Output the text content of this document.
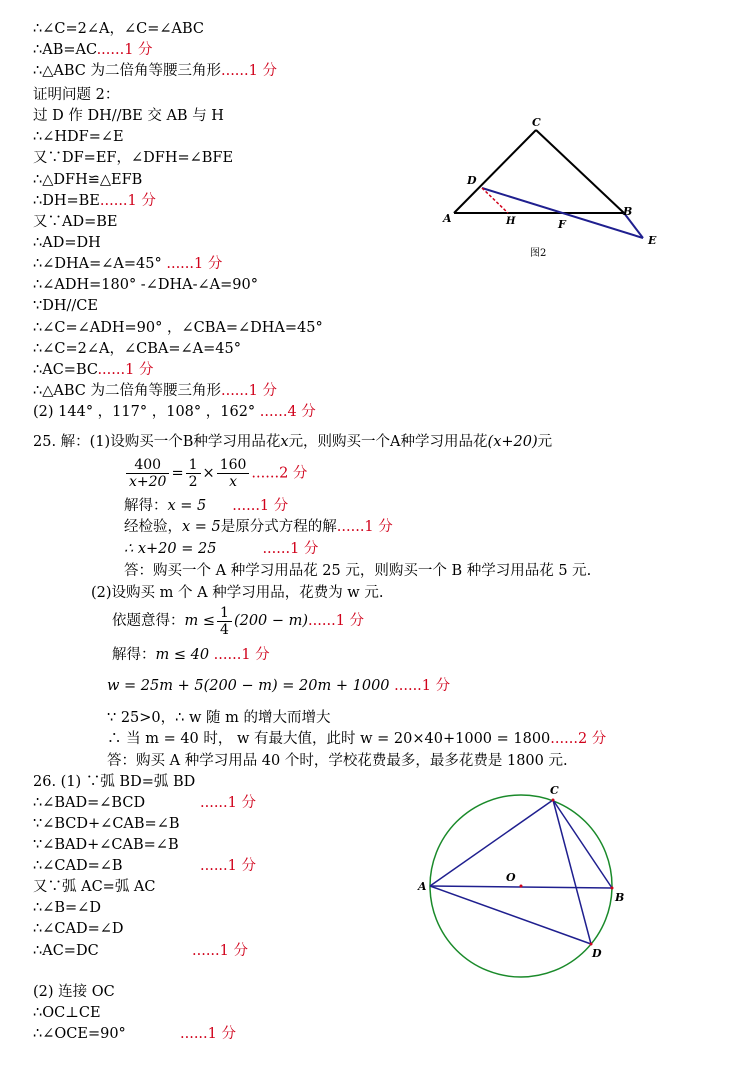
∴∠C=2∠A，∠C=∠ABC
∴AB=AC......1 分
∴△ABC 为二倍角等腰三角形......1 分
证明问题 2：
过 D 作 DH//BE 交 AB 与 H
∴∠HDF=∠E
又∵DF=EF，∠DFH=∠BFE
∴△DFH≌△EFB
∴DH=BE......1 分
又∵AD=BE
∴AD=DH
∴∠DHA=∠A=45° ......1 分
∴∠ADH=180° -∠DHA-∠A=90°
∵DH//CE
∴∠C=∠ADH=90° ，∠CBA=∠DHA=45°
∴∠C=2∠A，∠CBA=∠A=45°
∴AC=BC......1 分
∴△ABC 为二倍角等腰三角形......1 分
(2) 144° ，117° ，108° ，162° ......4 分
C
D
A	H	F
B
E
图2
25. 解：(1)设购买一个B种学习用品花x元，则购买一个A种学习用品花(x+20)元
$\frac{400}{x+20} = \frac{1}{2} \times \frac{160}{x} ......2$ 分
解得：x = 5 ......1 分
经检验，x = 5是原分式方程的解......1 分
∴ x+20 = 25	......1 分
答：购买一个 A 种学习用品花 25 元，则购买一个 B 种学习用品花 5 元.
(2)设购买 m 个 A 种学习用品，花费为 w 元.
依题意得：$m \le \frac{1}{4} (200 - m)......1$ 分
解得：m ≤ 40 ......1 分
w = 25m + 5(200 − m) = 20m + 1000 ......1 分
∵ 25>0，∴ w 随 m 的增大而增大
∴ 当 m = 40 时， w 有最大值，此时 w = 20×40+1000 = 1800......2 分
答：购买 A 种学习用品 40 个时，学校花费最多，最多花费是 1800 元.
26. (1) ∵弧 BD=弧 BD
∴∠BAD=∠BCD	......1 分
∵∠BCD+∠CAB=∠B
∵∠BAD+∠CAB=∠B
∴∠CAD=∠B	......1 分
又∵弧 AC=弧 AC
∴∠B=∠D
∴∠CAD=∠D
∴AC=DC	......1 分
(2) 连接 OC
∴OC⊥CE
∴∠OCE=90°	......1 分
C
O
A
B
D
